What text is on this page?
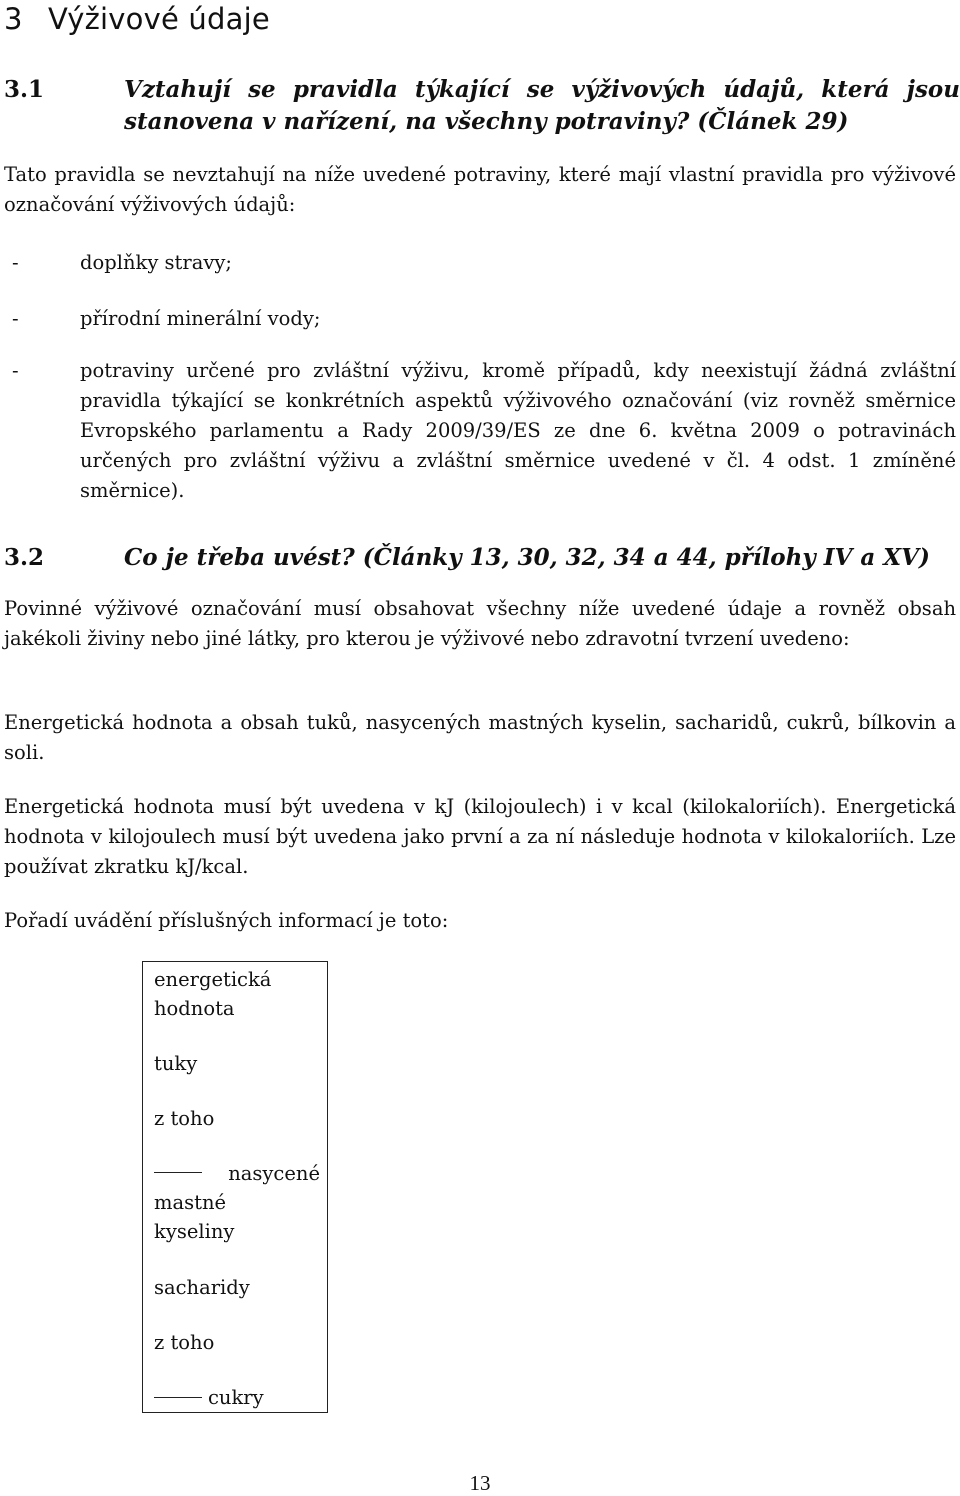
3 Výživové údaje
3.1	Vztahují se pravidla týkající se výživových údajů, která jsou stanovena v nařízení, na všechny potraviny? (Článek 29)

Tato pravidla se nevztahují na níže uvedené potraviny, které mají vlastní pravidla pro výživové označování výživových údajů:

-	doplňky stravy;
-	přírodní minerální vody;
-	potraviny určené pro zvláštní výživu, kromě případů, kdy neexistují žádná zvláštní pravidla týkající se konkrétních aspektů výživového označování (viz rovněž směrnice Evropského parlamentu a Rady 2009/39/ES ze dne 6. května 2009 o potravinách určených pro zvláštní výživu a zvláštní směrnice uvedené v čl. 4 odst. 1 zmíněné směrnice).
3.2	Co je třeba uvést? (Články 13, 30, 32, 34 a 44, přílohy IV a XV)

Povinné výživové označování musí obsahovat všechny níže uvedené údaje a rovněž obsah jakékoli živiny nebo jiné látky, pro kterou je výživové nebo zdravotní tvrzení uvedeno:

Energetická hodnota a obsah tuků, nasycených mastných kyselin, sacharidů, cukrů, bílkovin a soli.

Energetická hodnota musí být uvedena v kJ (kilojoulech) i v kcal (kilokaloriích). Energetická hodnota v kilojoulech musí být uvedena jako první a za ní následuje hodnota v kilokaloriích. Lze používat zkratku kJ/kcal.

Pořadí uvádění příslušných informací je toto:

energetická hodnota
tuky
z toho
nasycené
mastné kyseliny
sacharidy
z toho
cukry
13
